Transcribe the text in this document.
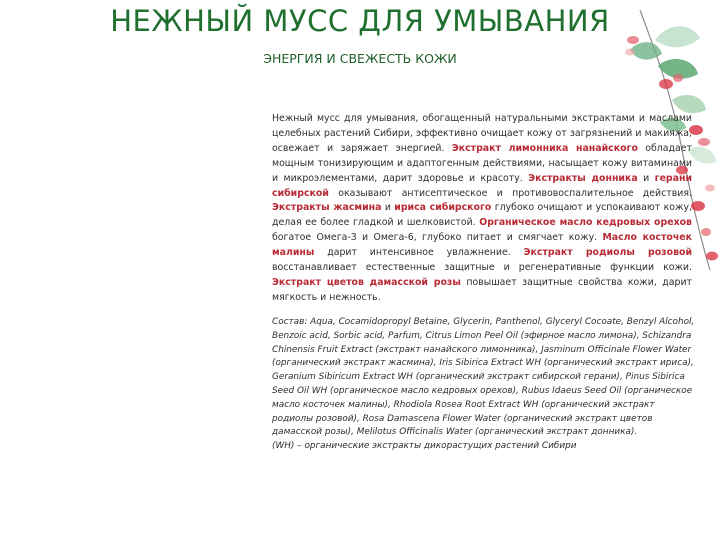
НЕЖНЫЙ МУСС ДЛЯ УМЫВАНИЯ
ЭНЕРГИЯ И СВЕЖЕСТЬ КОЖИ
Нежный мусс для умывания, обогащенный натуральными экстрактами и маслами целебных растений Сибири, эффективно очищает кожу от загрязнений и макияжа, освежает и заряжает энергией. Экстракт лимонника нанайского обладает мощным тонизирующим и адаптогенным действиями, насыщает кожу витаминами и микроэлементами, дарит здоровье и красоту. Экстракты донника и герани сибирской оказывают антисептическое и противовоспалительное действия. Экстракты жасмина и ириса сибирского глубоко очищают и успокаивают кожу, делая ее более гладкой и шелковистой. Органическое масло кедровых орехов богатое Омега-3 и Омега-6, глубоко питает и смягчает кожу. Масло косточек малины дарит интенсивное увлажнение. Экстракт родиолы розовой восстанавливает естественные защитные и регенеративные функции кожи. Экстракт цветов дамасской розы повышает защитные свойства кожи, дарит мягкость и нежность.
Состав: Aqua, Cocamidopropyl Betaine, Glycerin, Panthenol, Glyceryl Cocoate, Benzyl Alcohol,
Benzoic acid, Sorbic acid, Parfum, Citrus Limon Peel Oil (эфирное масло лимона), Schizandra
Chinensis Fruit Extract (экстракт нанайского лимонника), Jasminum Officinale Flower Water
(органический экстракт жасмина), Iris Sibirica Extract WH (органический экстракт ириса),
Geranium Sibiricum Extract WH (органический экстракт сибирской герани), Pinus Sibirica
Seed Oil WH (органическое масло кедровых орехов), Rubus Idaeus Seed Oil (органическое
масло косточек малины), Rhodiola Rosea Root Extract WH (органический экстракт
родиолы розовой), Rosa Damascena Flower Water (органический экстракт цветов
дамасской розы), Melilotus Officinalis Water (органический экстракт донника).
(WH) – органические экстракты дикорастущих растений Сибири
